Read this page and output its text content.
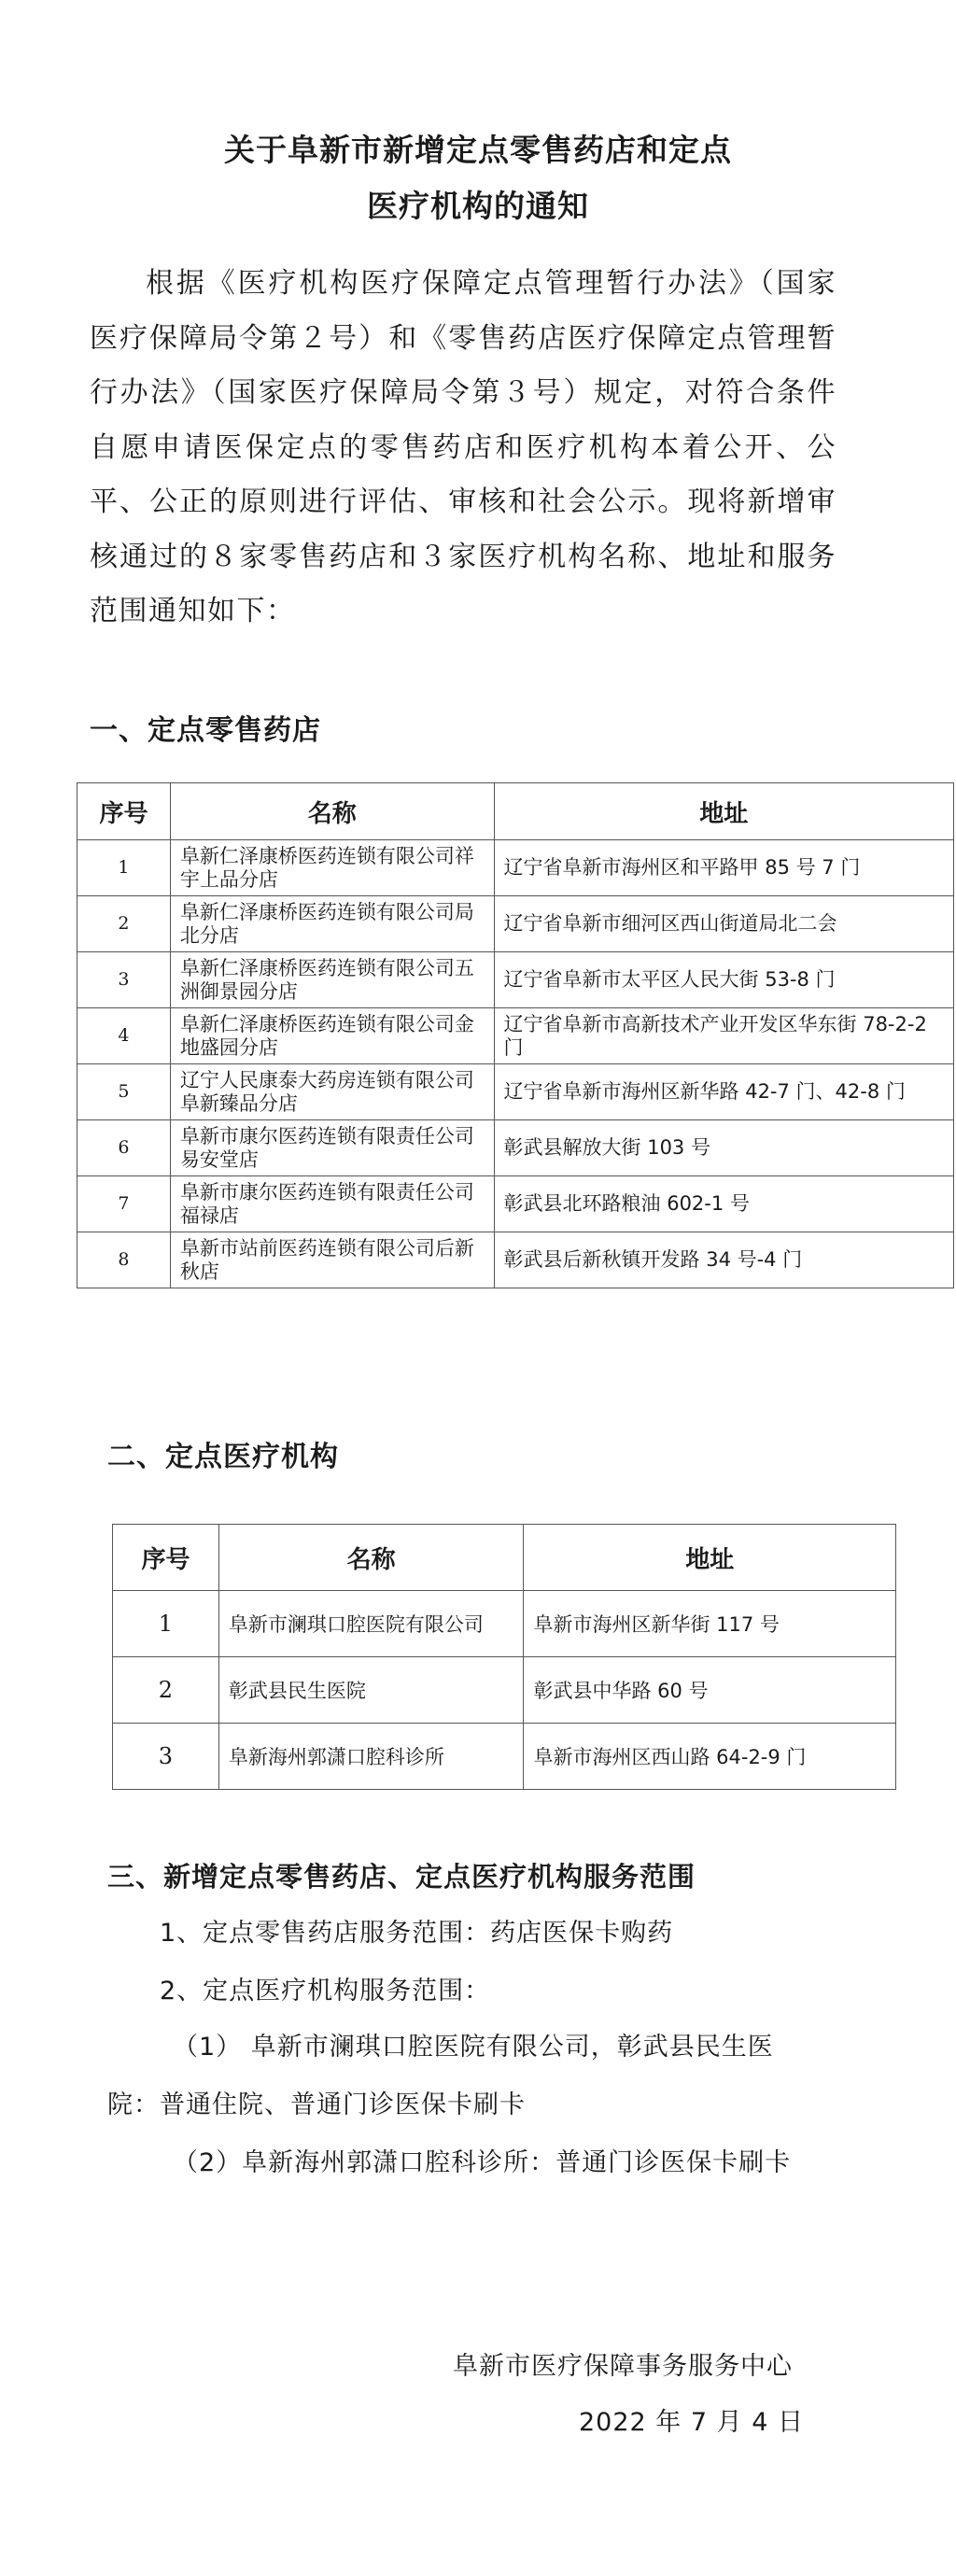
关于阜新市新增定点零售药店和定点
医疗机构的通知
根据《医疗机构医疗保障定点管理暂行办法》（国家医疗保障局令第２号）和《零售药店医疗保障定点管理暂行办法》（国家医疗保障局令第３号）规定，对符合条件自愿申请医保定点的零售药店和医疗机构本着公开、公平、公正的原则进行评估、审核和社会公示。现将新增审核通过的８家零售药店和３家医疗机构名称、地址和服务范围通知如下：
一、定点零售药店
序号	名称	地址
1	阜新仁泽康桥医药连锁有限公司祥宇上品分店	辽宁省阜新市海州区和平路甲 85 号 7 门
2	阜新仁泽康桥医药连锁有限公司局北分店	辽宁省阜新市细河区西山街道局北二会
3	阜新仁泽康桥医药连锁有限公司五洲御景园分店	辽宁省阜新市太平区人民大街 53-8 门
4	阜新仁泽康桥医药连锁有限公司金地盛园分店	辽宁省阜新市高新技术产业开发区华东街 78-2-2 门
5	辽宁人民康泰大药房连锁有限公司阜新臻品分店	辽宁省阜新市海州区新华路 42-7 门、42-8 门
6	阜新市康尔医药连锁有限责任公司易安堂店	彰武县解放大街 103 号
7	阜新市康尔医药连锁有限责任公司福禄店	彰武县北环路粮油 602-1 号
8	阜新市站前医药连锁有限公司后新秋店	彰武县后新秋镇开发路 34 号-4 门
二、定点医疗机构
序号	名称	地址
1	阜新市澜琪口腔医院有限公司	阜新市海州区新华街 117 号
2	彰武县民生医院	彰武县中华路 60 号
3	阜新海州郭潇口腔科诊所	阜新市海州区西山路 64-2-9 门
三、新增定点零售药店、定点医疗机构服务范围
1、定点零售药店服务范围：药店医保卡购药
2、定点医疗机构服务范围：
（1） 阜新市澜琪口腔医院有限公司，彰武县民生医
院：普通住院、普通门诊医保卡刷卡
（2）阜新海州郭潇口腔科诊所：普通门诊医保卡刷卡
阜新市医疗保障事务服务中心
2022 年 7 月 4 日
